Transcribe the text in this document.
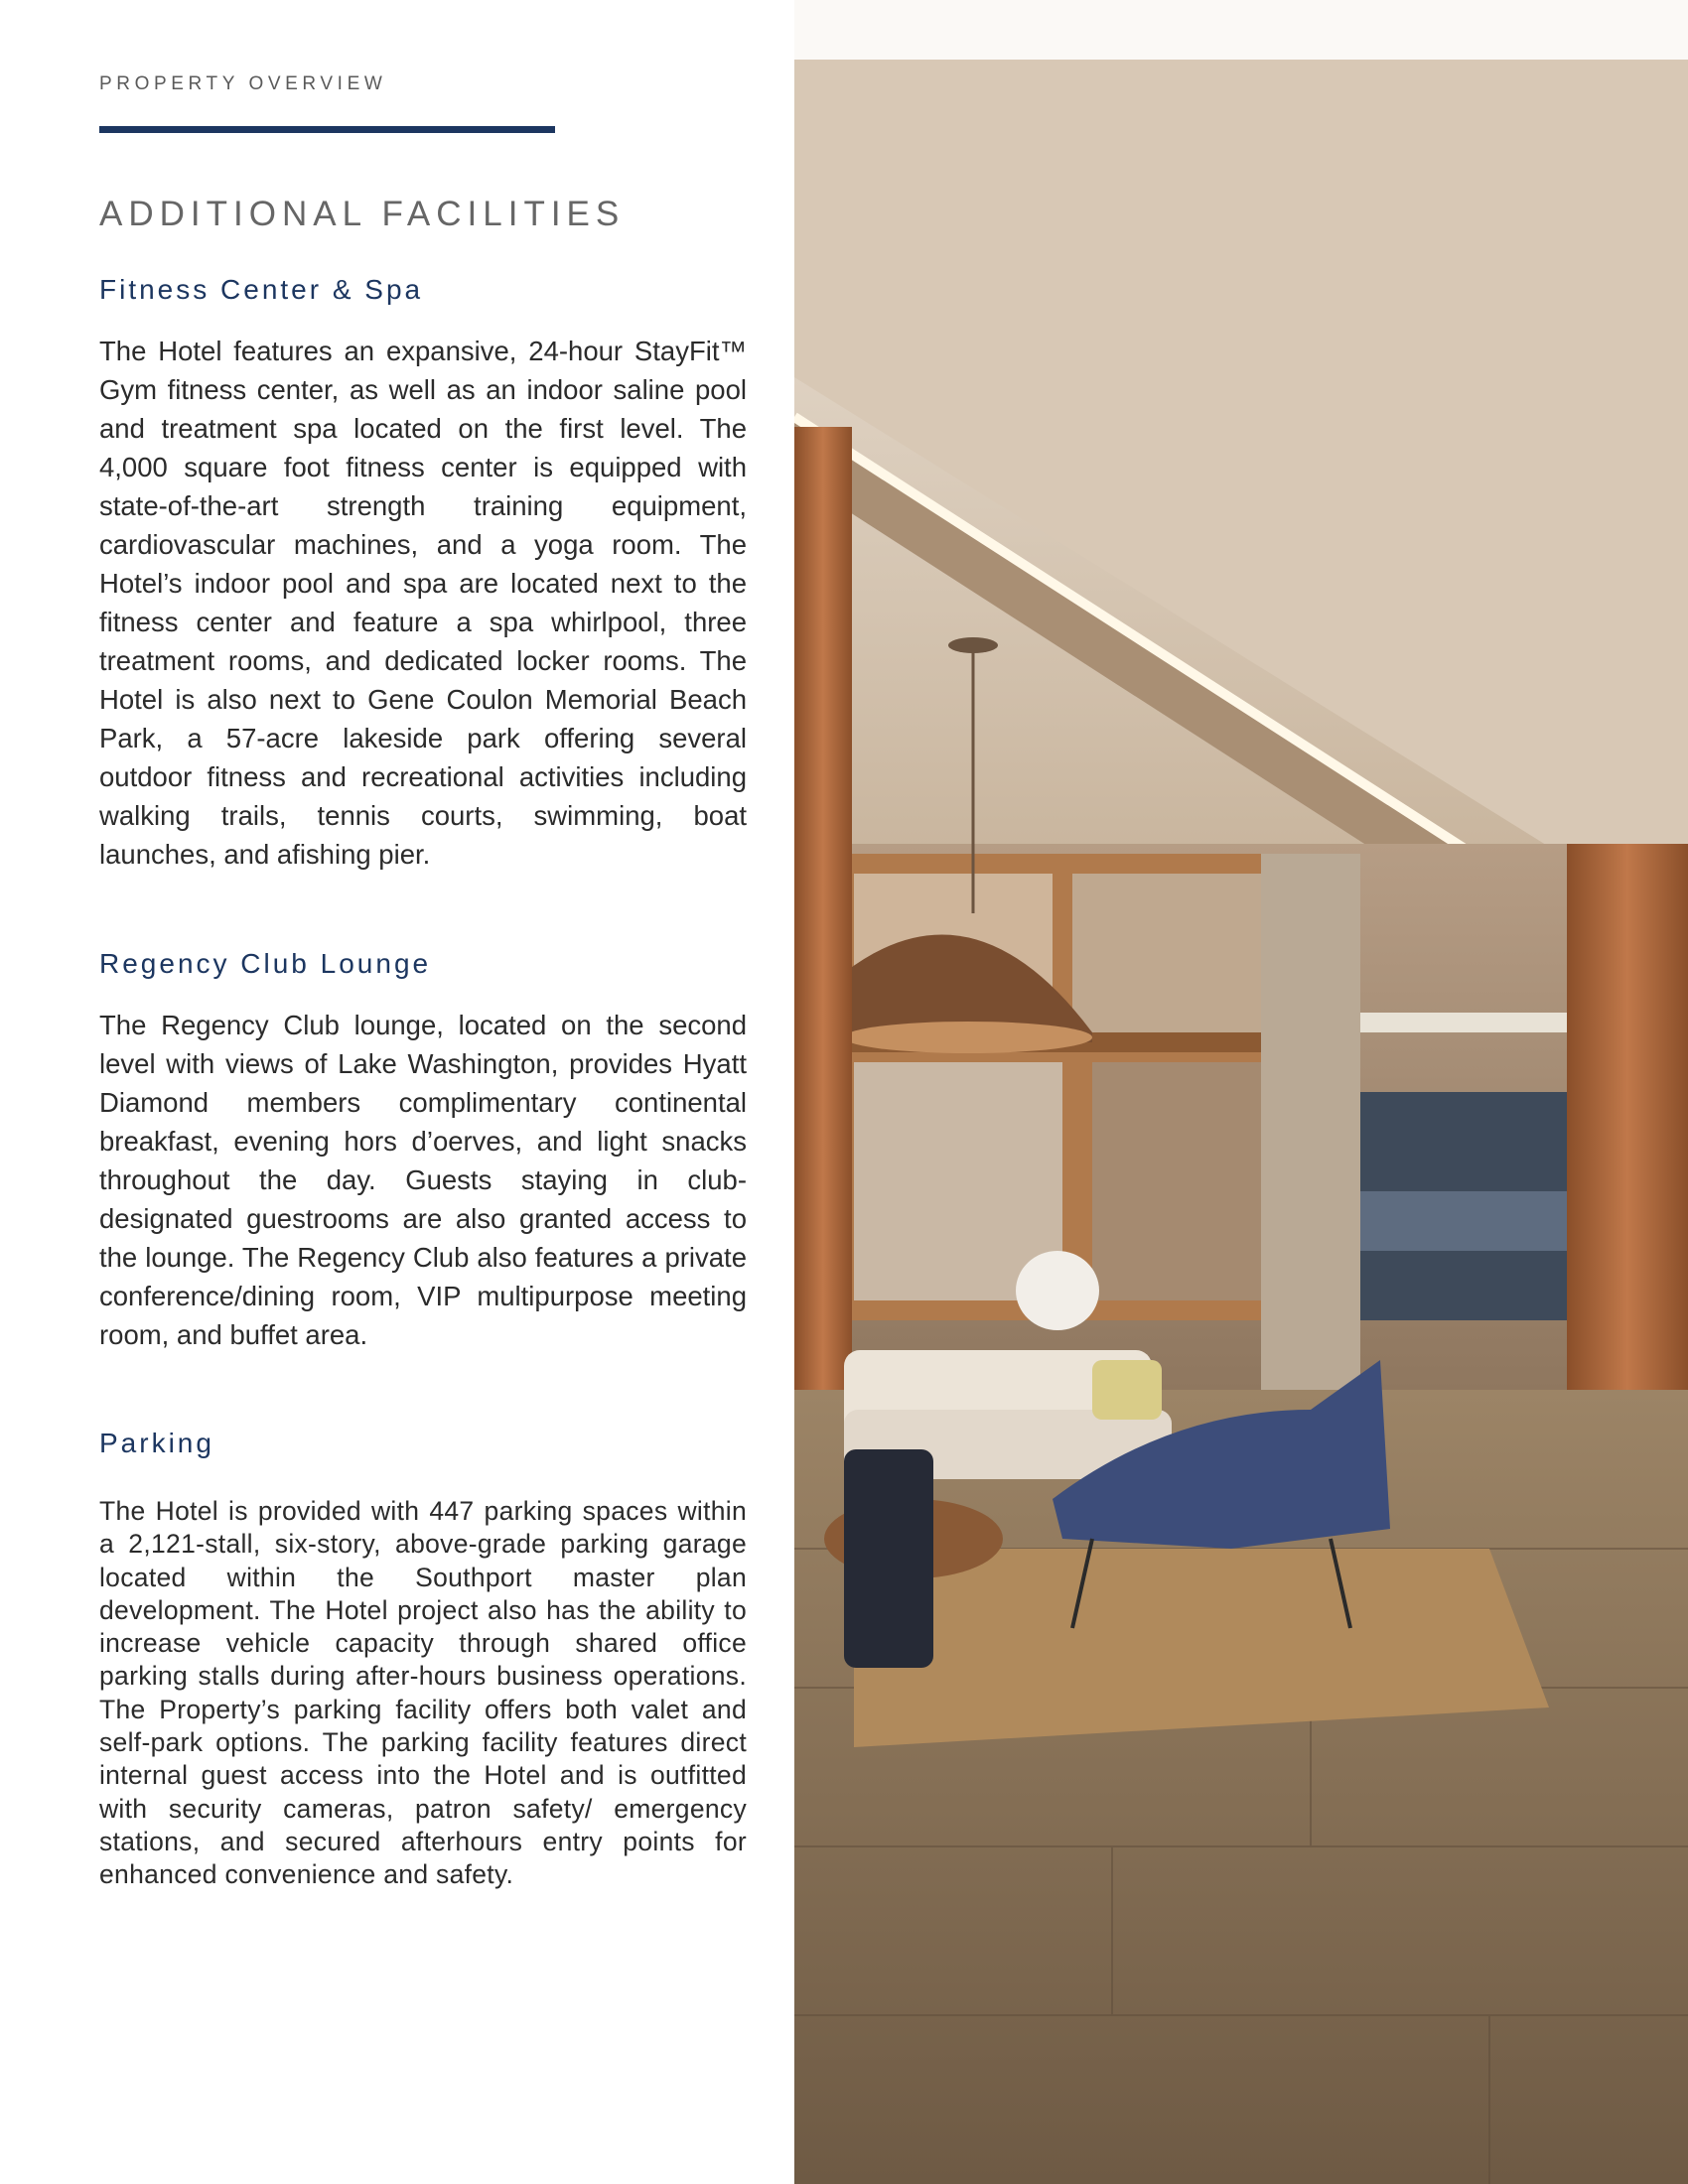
PROPERTY OVERVIEW

ADDITIONAL FACILITIES
Fitness Center & Spa

The Hotel features an expansive, 24-hour StayFit™ Gym fitness center, as well as an indoor saline pool and treatment spa located on the first level. The 4,000 square foot fitness center is equipped with state-of-the-art strength training equipment, cardiovascular machines, and a yoga room. The Hotel’s indoor pool and spa are located next to the fitness center and feature a spa whirlpool, three treatment rooms, and dedicated locker rooms. The Hotel is also next to Gene Coulon Memorial Beach Park, a 57-acre lakeside park offering several outdoor fitness and recreational activities including walking trails, tennis courts, swimming, boat launches, and afishing pier.

Regency Club Lounge

The Regency Club lounge, located on the second level with views of Lake Washington, provides Hyatt Diamond members complimentary continental breakfast, evening hors d’oerves, and light snacks throughout the day. Guests staying in club-designated guestrooms are also granted access to the lounge. The Regency Club also features a private conference/dining room, VIP multipurpose meeting room, and buffet area.

Parking

The Hotel is provided with 447 parking spaces within a 2,121-stall, six-story, above-grade parking garage located within the Southport master plan development. The Hotel project also has the ability to increase vehicle capacity through shared office parking stalls during after-hours business operations. The Property’s parking facility offers both valet and self-park options. The parking facility features direct internal guest access into the Hotel and is outfitted with security cameras, patron safety/ emergency stations, and secured afterhours entry points for enhanced convenience and safety.
